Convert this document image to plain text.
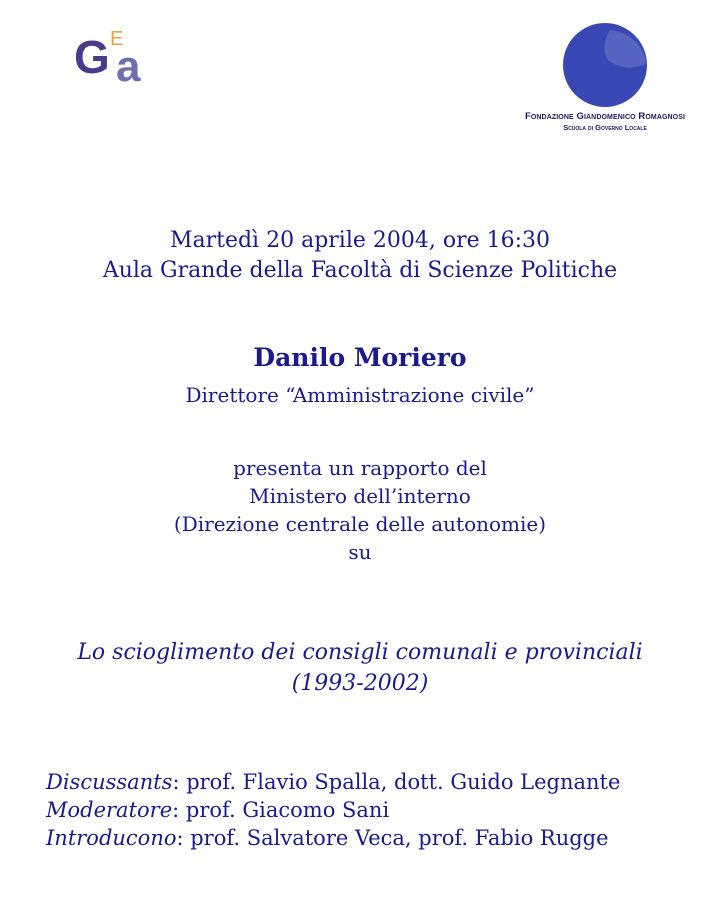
G E
a
Fondazione Giandomenico Romagnosi
Scuola di Governo Locale
Martedì 20 aprile 2004, ore 16:30
Aula Grande della Facoltà di Scienze Politiche
Danilo Moriero
Direttore “Amministrazione civile”
presenta un rapporto del
Ministero dell’interno
(Direzione centrale delle autonomie)
su
Lo scioglimento dei consigli comunali e provinciali
(1993-2002)
Discussants: prof. Flavio Spalla, dott. Guido Legnante
Moderatore: prof. Giacomo Sani
Introducono: prof. Salvatore Veca, prof. Fabio Rugge
